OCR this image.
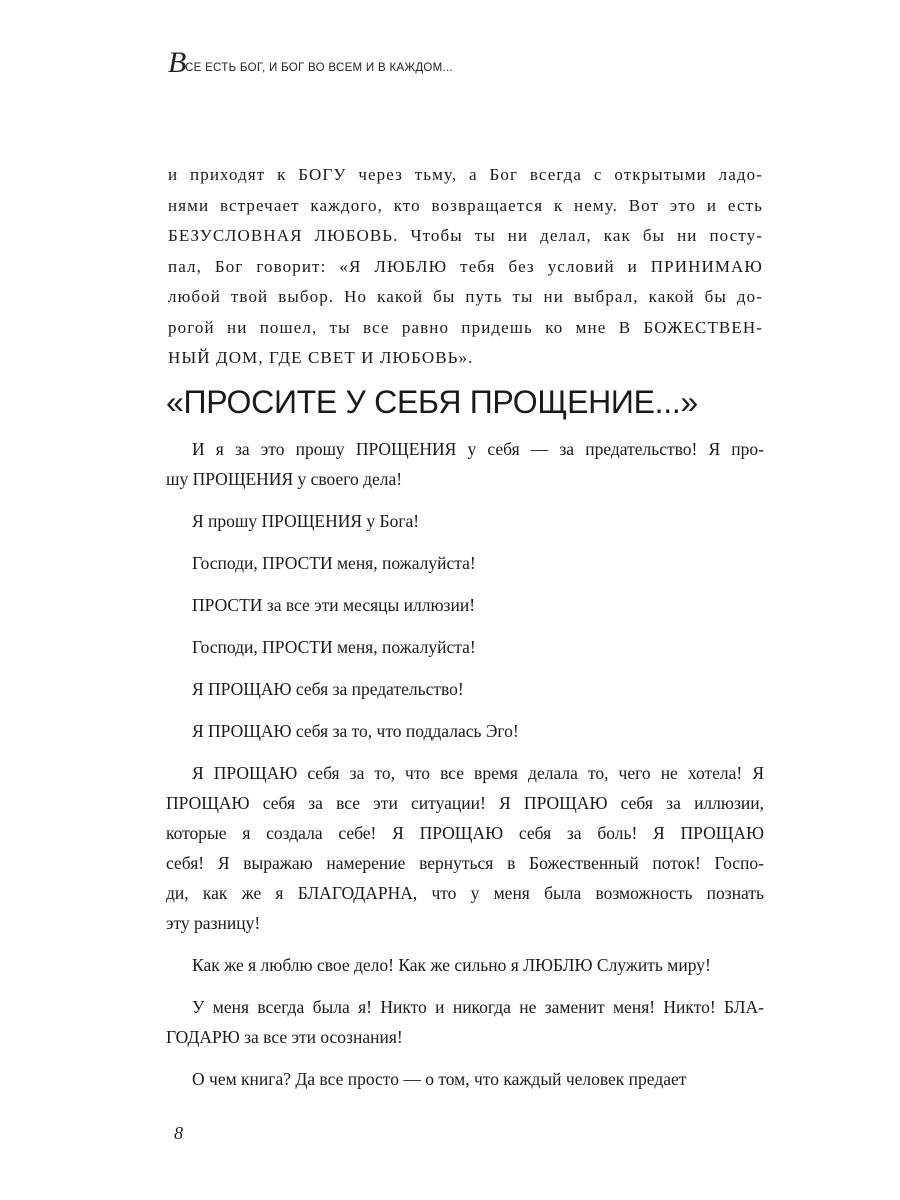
В
СЕ ЕСТЬ БОГ, И БОГ ВО ВСЕМ И В КАЖДОМ...

и приходят к БОГУ через тьму, а Бог всегда с открытыми ладо-
нями встречает каждого, кто возвращается к нему. Вот это и есть
БЕЗУСЛОВНАЯ ЛЮБОВЬ. Чтобы ты ни делал, как бы ни посту-
пал, Бог говорит: «Я ЛЮБЛЮ тебя без условий и ПРИНИМАЮ
любой твой выбор. Но какой бы путь ты ни выбрал, какой бы до-
рогой ни пошел, ты все равно придешь ко мне В БОЖЕСТВЕН-
НЫЙ ДОМ, ГДЕ СВЕТ И ЛЮБОВЬ».

«ПРОСИТЕ У СЕБЯ ПРОЩЕНИЕ...»

И я за это прошу ПРОЩЕНИЯ у себя — за предательство! Я про-
шу ПРОЩЕНИЯ у своего дела!

Я прошу ПРОЩЕНИЯ у Бога!

Господи, ПРОСТИ меня, пожалуйста!

ПРОСТИ за все эти месяцы иллюзии!

Господи, ПРОСТИ меня, пожалуйста!

Я ПРОЩАЮ себя за предательство!

Я ПРОЩАЮ себя за то, что поддалась Эго!

Я ПРОЩАЮ себя за то, что все время делала то, чего не хотела! Я
ПРОЩАЮ себя за все эти ситуации! Я ПРОЩАЮ себя за иллюзии,
которые я создала себе! Я ПРОЩАЮ себя за боль! Я ПРОЩАЮ
себя! Я выражаю намерение вернуться в Божественный поток! Госпо-
ди, как же я БЛАГОДАРНА, что у меня была возможность познать
эту разницу!

Как же я люблю свое дело! Как же сильно я ЛЮБЛЮ Служить миру!

У меня всегда была я! Никто и никогда не заменит меня! Никто! БЛА-
ГОДАРЮ за все эти осознания!

О чем книга? Да все просто — о том, что каждый человек предает

8
